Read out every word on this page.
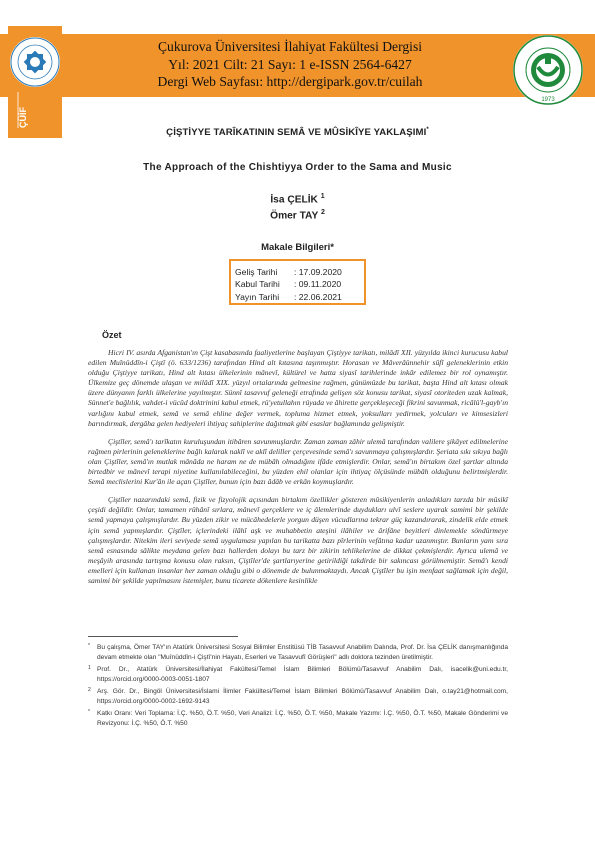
ÇÜİF
Çukurova Üniversitesi İlahiyat Fakültesi Dergisi
Yıl: 2021 Cilt: 21 Sayı: 1 e-ISSN 2564-6427
Dergi Web Sayfası: http://dergipark.gov.tr/cuilah
1973
ÇİŞTİYYE TARÎKATININ SEMÂ VE MÛSİKÎYE YAKLAŞIMI*
The Approach of the Chishtiyya Order to the Sama and Music
İsa ÇELİK $^1$
Ömer TAY $^2$
Makale Bilgileri*
Geliş Tarihi : 17.09.2020
Kabul Tarihi : 09.11.2020
Yayın Tarihi : 22.06.2021
Özet

Hicri IV. asırda Afganistan'ın Çişt kasabasında faaliyetlerine başlayan Çiştiyye tarikatı, milâdî XII. yüzyılda ikinci kurucusu kabul edilen Muînüddîn-i Çiştî (ö. 633/1236) tarafından Hind alt kıtasına taşınmıştır. Horasan ve Mâverâünnehir sûfî geleneklerinin etkin olduğu Çiştiyye tarikatı, Hind alt kıtası ülkelerinin mânevî, kültürel ve hatta siyasî tarihlerinde inkâr edilemez bir rol oynamıştır. Ülkemize geç dönemde ulaşan ve milâdî XIX. yüzyıl ortalarında gelmesine rağmen, günümüzde bu tarikat, başta Hind alt kıtası olmak üzere dünyanın farklı ülkelerine yayılmıştır. Sünnî tasavvuf geleneği etrafında gelişen söz konusu tarikat, siyasî otoriteden uzak kalmak, Sünnet'e bağlılık, vahdet-i vücûd doktrinini kabul etmek, rü'yetullahın rüyada ve âhirette gerçekleşeceği fikrini savunmak, ricâlü'l-gayb'ın varlığını kabul etmek, semâ ve semâ ehline değer vermek, topluma hizmet etmek, yoksulları yedirmek, yolcuları ve kimsesizleri barındırmak, dergâha gelen hediyeleri ihtiyaç sahiplerine dağıtmak gibi esaslar bağlamında gelişmiştir.

Çiştîler, semâ'ı tarîkatın kuruluşundan itibâren savunmuşlardır. Zaman zaman zâhir ulemâ tarafından valilere şikâyet edilmelerine rağmen pirlerinin geleneklerine bağlı kalarak naklî ve aklî deliller çerçevesinde semâ'ı savunmaya çalışmışlardır. Şeriata sıkı sıkıya bağlı olan Çiştîler, semâ'ın mutlak mânâda ne haram ne de mübâh olmadığını ifâde etmişlerdir. Onlar, semâ'ın birtakım özel şartlar altında birtedbir ve mânevî terapi niyetine kullanılabileceğini, bu yüzden ehil olanlar için ihtiyaç ölçüsünde mübâh olduğunu belirtmişlerdir. Semâ meclislerini Kur'ân ile açan Çiştîler, bunun için bazı âdâb ve erkân koymuşlardır.

Çiştîler nazarındaki semâ, fizik ve fizyolojik açısından birtakım özellikler gösteren mûsikiyenlerin anladıkları tarzda bir mûsikî çeşidi değildir. Onlar, tamamen rûhânî sırlara, mânevî gerçeklere ve iç âlemlerinde duydukları ulvî seslere uyarak samimi bir şekilde semâ yapmaya çalışmışlardır. Bu yüzden zikir ve mücâhedelerle yorgun düşen vücudlarına tekrar güç kazandırarak, zindelik elde etmek için semâ yapmışlardır. Çiştîler, içlerindeki ilâhî aşk ve muhabbetin ateşini ilâhiler ve ârifâne beyitleri dinlemekle söndürmeye çalışmışlardır. Nitekim ileri seviyede semâ uygulaması yapılan bu tarikatta bazı pîrlerinin vefâtına kadar uzanmıştır. Bunların yanı sıra semâ esnasında sâlikte meydana gelen bazı hallerden dolayı bu tarz bir zikirin tehlikelerine de dikkat çekmişlerdir. Ayrıca ulemâ ve meşâyih arasında tartışma konusu olan raksın, Çiştîler'de şartlarıyerine getirildiği takdirde bir sakıncası görülmemiştir. Semâ'ı kendi emelleri için kullanan insanlar her zaman olduğu gibi o dönemde de bulunmaktaydı. Ancak Çiştîler bu işin menfaat sağlamak için değil, samimi bir şekilde yapılmasını istemişler, bunu ticarete dökenlere kesinlikle

* Bu çalışma, Ömer TAY'ın Atatürk Üniversitesi Sosyal Bilimler Enstitüsü TİB Tasavvuf Anabilim Dalında, Prof. Dr. İsa ÇELİK danışmanlığında devam etmekte olan "Muînüddîn-i Çiştî'nin Hayatı, Eserleri ve Tasavvufî Görüşleri" adlı doktora tezinden üretilmiştir.
1 Prof. Dr., Atatürk Üniversitesi/İlahiyat Fakültesi/Temel İslam Bilimleri Bölümü/Tasavvuf Anabilim Dalı, isacelik@uni.edu.tr, https://orcid.org/0000-0003-0051-1807
2 Arş. Gör. Dr., Bingöl Üniversitesi/İslami İlimler Fakültesi/Temel İslam Bilimleri Bölümü/Tasavvuf Anabilim Dalı, o.tay21@hotmail.com, https://orcid.org/0000-0002-1692-9143
* Katkı Oranı: Veri Toplama: İ.Ç. %50, Ö.T. %50, Veri Analizi: İ.Ç. %50, Ö.T. %50, Makale Yazımı: İ.Ç. %50, Ö.T. %50, Makale Gönderimi ve Revizyonu: İ.Ç. %50, Ö.T. %50
